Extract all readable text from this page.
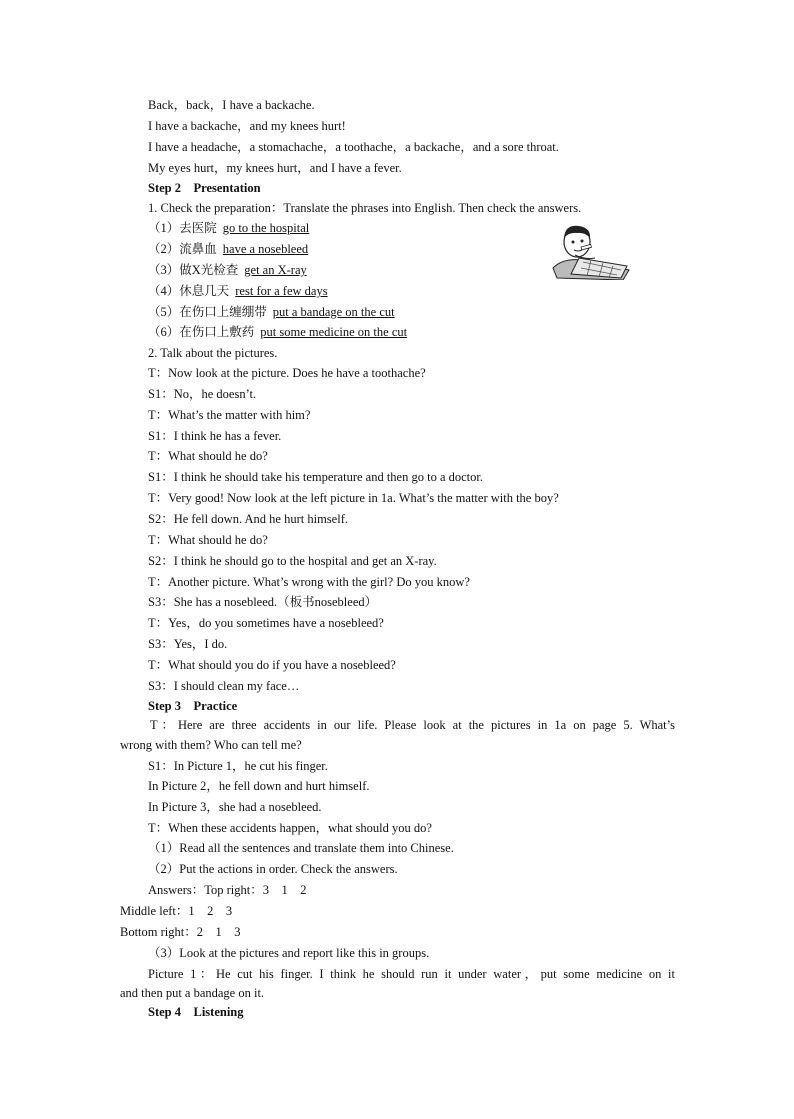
Back，back，I have a backache.
I have a backache，and my knees hurt!
I have a headache，a stomachache，a toothache，a backache，and a sore throat.
My eyes hurt，my knees hurt，and I have a fever.
Step 2　Presentation
1. Check the preparation：Translate the phrases into English. Then check the answers.
（1）去医院 go to the hospital
（2）流鼻血 have a nosebleed
（3）做X光检查 get an X-ray
（4）休息几天 rest for a few days
（5）在伤口上缠绷带 put a bandage on the cut
（6）在伤口上敷药 put some medicine on the cut
2. Talk about the pictures.
T：Now look at the picture. Does he have a toothache?
S1：No，he doesn’t.
T：What’s the matter with him?
S1：I think he has a fever.
T：What should he do?
S1：I think he should take his temperature and then go to a doctor.
T：Very good! Now look at the left picture in 1a. What’s the matter with the boy?
S2：He fell down. And he hurt himself.
T：What should he do?
S2：I think he should go to the hospital and get an X-ray.
T：Another picture. What’s wrong with the girl? Do you know?
S3：She has a nosebleed.（板书nosebleed）
T：Yes，do you sometimes have a nosebleed?
S3：Yes，I do.
T：What should you do if you have a nosebleed?
S3：I should clean my face…
Step 3　Practice
T：Here are three accidents in our life. Please look at the pictures in 1a on page 5. What’s
wrong with them? Who can tell me?
S1：In Picture 1，he cut his finger.
In Picture 2，he fell down and hurt himself.
In Picture 3，she had a nosebleed.
T：When these accidents happen，what should you do?
（1）Read all the sentences and translate them into Chinese.
（2）Put the actions in order. Check the answers.
Answers：Top right：3　1　2
Middle left：1　2　3
Bottom right：2　1　3
（3）Look at the pictures and report like this in groups.
Picture 1：He cut his finger. I think he should run it under water，put some medicine on it
and then put a bandage on it.
Step 4　Listening
